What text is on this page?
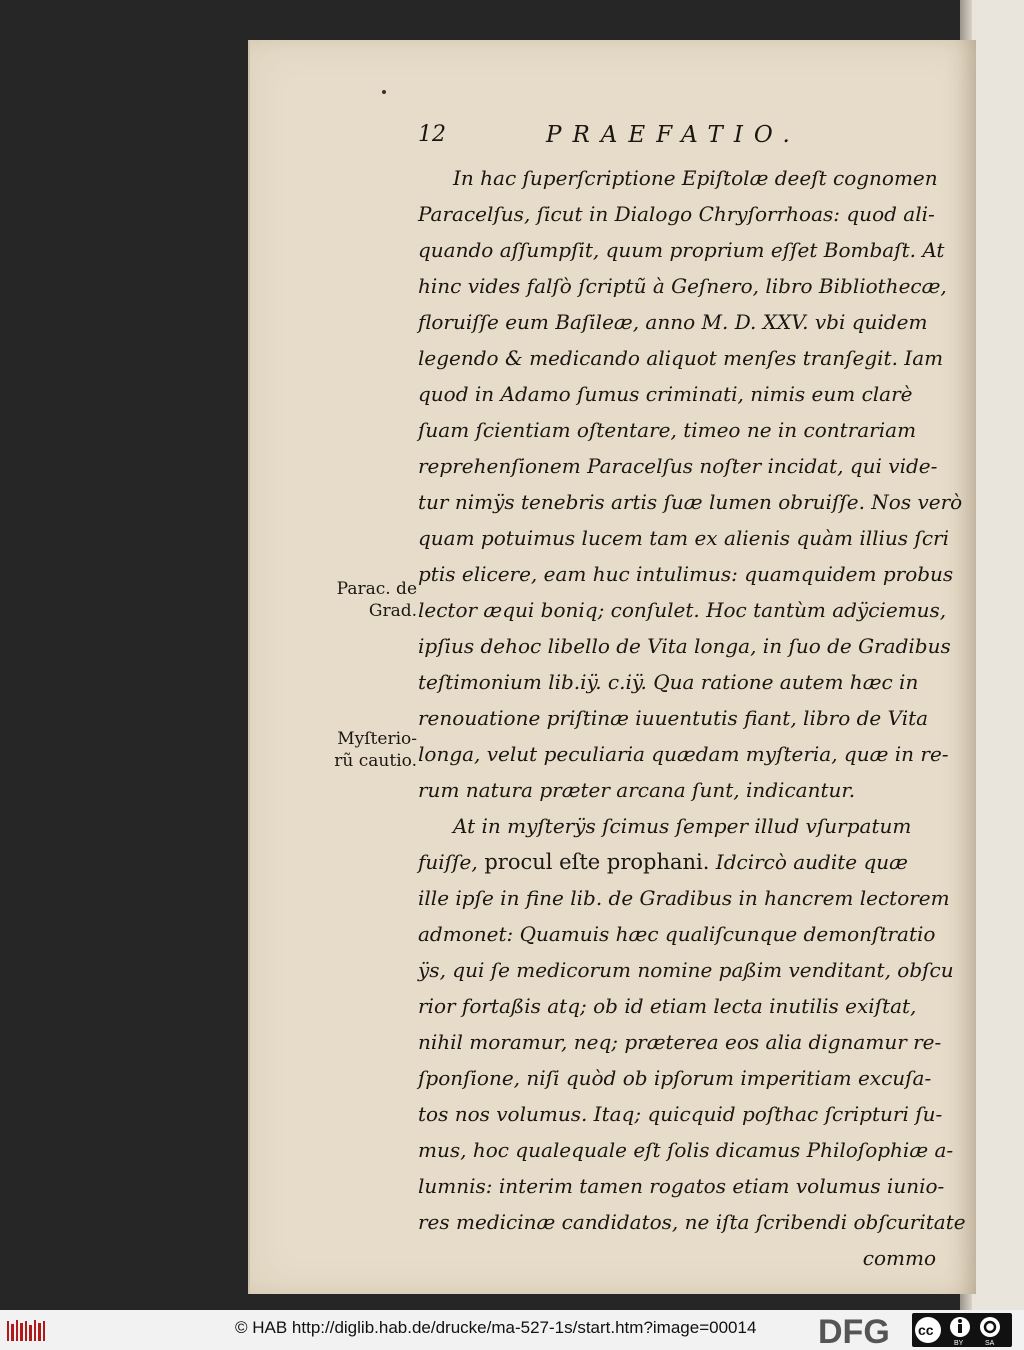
12	PRAEFATIO.
Parac. de
Grad.
Myſterio-
rũ cautio.
In hac ſuperſcriptione Epiſtolæ deeſt cognomen
Paracelſus, ſicut in Dialogo Chryſorrhoas: quod ali-
quando aſſumpſit, quum proprium eſſet Bombaſt. At
hinc vides falſò ſcriptũ à Geſnero, libro Bibliothecæ,
floruiſſe eum Baſileæ, anno M. D. XXV. vbi quidem
legendo & medicando aliquot menſes tranſegit. Iam
quod in Adamo ſumus criminati, nimis eum clarè
ſuam ſcientiam oſtentare, timeo ne in contrariam
reprehenſionem Paracelſus noſter incidat, qui vide-
tur nimÿs tenebris artis ſuæ lumen obruiſſe. Nos verò
quam potuimus lucem tam ex alienis quàm illius ſcri
ptis elicere, eam huc intulimus: quamquidem probus
lector æqui boniq; conſulet. Hoc tantùm adÿciemus,
ipſius dehoc libello de Vita longa, in ſuo de Gradibus
teſtimonium lib.iÿ. c.iÿ. Qua ratione autem hæc in
renouatione priſtinæ iuuentutis fiant, libro de Vita
longa, velut peculiaria quædam myſteria, quæ in re-
rum natura præter arcana ſunt, indicantur.
At in myſterÿs ſcimus ſemper illud vſurpatum
fuiſſe, procul eſte prophani. Idcircò audite quæ
ille ipſe in fine lib. de Gradibus in hancrem lectorem
admonet: Quamuis hæc qualiſcunque demonſtratio
ÿs, qui ſe medicorum nomine paßim venditant, obſcu
rior fortaßis atq; ob id etiam lecta inutilis exiſtat,
nihil moramur, neq; præterea eos alia dignamur re-
ſponſione, niſi quòd ob ipſorum imperitiam excuſa-
tos nos volumus. Itaq; quicquid poſthac ſcripturi ſu-
mus, hoc qualequale eſt ſolis dicamus Philoſophiæ a-
lumnis: interim tamen rogatos etiam volumus iunio-
res medicinæ candidatos, ne iſta ſcribendi obſcuritate
commo
© HAB http://diglib.hab.de/drucke/ma-527-1s/start.htm?image=00014 DFG cc
BY	SA
